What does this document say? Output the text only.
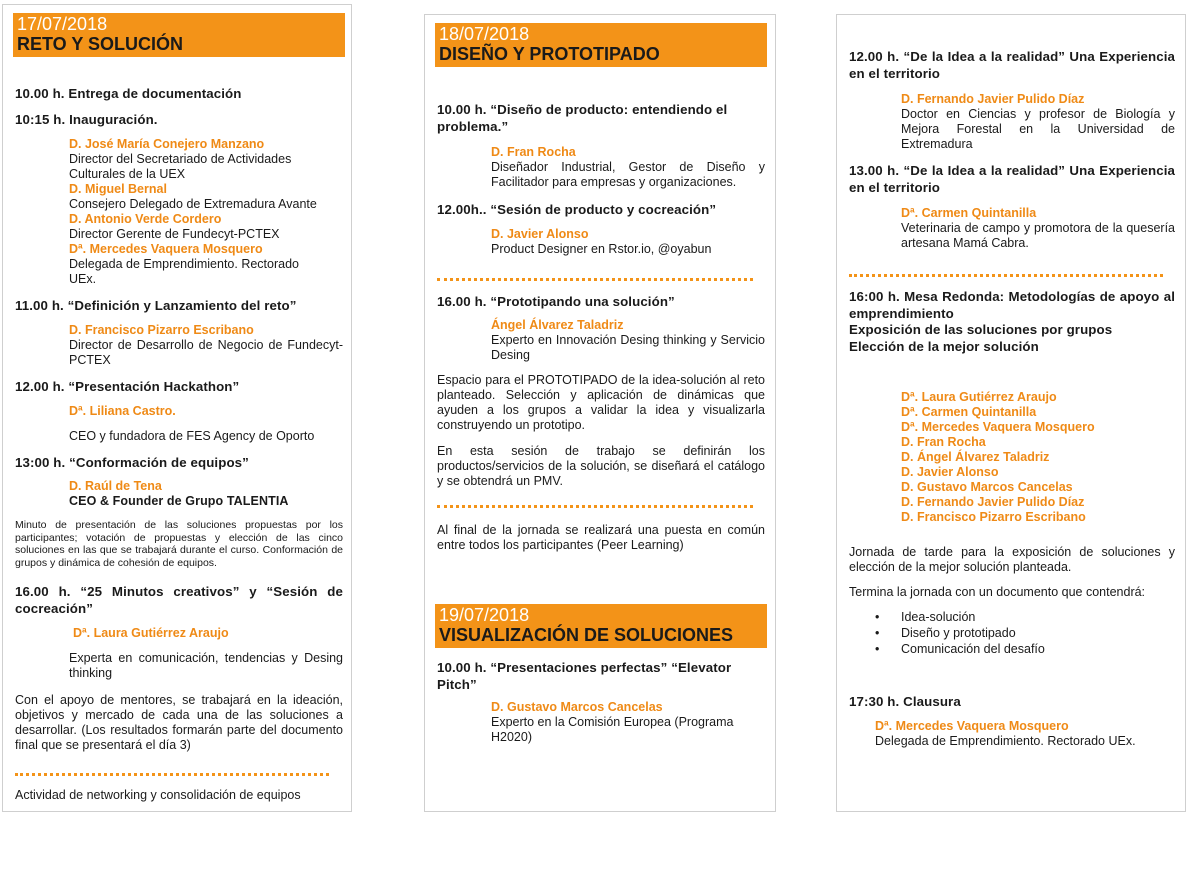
17/07/2018
RETO Y SOLUCIÓN
10.00 h. Entrega de documentación
10:15 h. Inauguración.
D. José María Conejero Manzano
Director del Secretariado de Actividades Culturales de la UEX
D. Miguel Bernal
Consejero Delegado de Extremadura Avante
D. Antonio Verde Cordero
Director Gerente de Fundecyt-PCTEX
Dª. Mercedes Vaquera Mosquero
Delegada de Emprendimiento. Rectorado UEx.
11.00 h. “Definición y Lanzamiento del reto”
D. Francisco Pizarro Escribano
Director de Desarrollo de Negocio de Fundecyt-PCTEX
12.00 h. “Presentación Hackathon”
Dª. Liliana Castro.
CEO y fundadora de FES Agency de Oporto
13:00 h. “Conformación de equipos”
D. Raúl de Tena
CEO & Founder de Grupo TALENTIA
Minuto de presentación de las soluciones propuestas por los participantes; votación de propuestas y elección de las cinco soluciones en las que se trabajará durante el curso. Conformación de grupos y dinámica de cohesión de equipos.
16.00 h. “25 Minutos creativos” y “Sesión de cocreación”
Dª. Laura Gutiérrez Araujo
Experta en comunicación, tendencias y Desing thinking
Con el apoyo de mentores, se trabajará en la ideación, objetivos y mercado de cada una de las soluciones a desarrollar. (Los resultados formarán parte del documento final que se presentará el día 3)
Actividad de networking y consolidación de equipos
18/07/2018
DISEÑO Y PROTOTIPADO
10.00 h. “Diseño de producto: entendiendo el problema.”
D. Fran Rocha
Diseñador Industrial, Gestor de Diseño y Facilitador para empresas y organizaciones.
12.00h.. “Sesión de producto y cocreación”
D. Javier Alonso
Product Designer en Rstor.io, @oyabun
16.00 h. “Prototipando una solución”
Ángel Álvarez Taladriz
Experto en Innovación Desing thinking y Servicio Desing
Espacio para el PROTOTIPADO de la idea-solución al reto planteado. Selección y aplicación de dinámicas que ayuden a los grupos a validar la idea y visualizarla construyendo un prototipo.
En esta sesión de trabajo se definirán los productos/servicios de la solución, se diseñará el catálogo y se obtendrá un PMV.
Al final de la jornada se realizará una puesta en común entre todos los participantes (Peer Learning)
19/07/2018
VISUALIZACIÓN DE SOLUCIONES
10.00 h. “Presentaciones perfectas” “Elevator Pitch”
D. Gustavo Marcos Cancelas
Experto en la Comisión Europea (Programa H2020)
12.00 h. “De la Idea a la realidad” Una Experiencia en el territorio
D. Fernando Javier Pulido Díaz
Doctor en Ciencias y profesor de Biología y Mejora Forestal en la Universidad de Extremadura
13.00 h. “De la Idea a la realidad” Una Experiencia en el territorio
Dª. Carmen Quintanilla
Veterinaria de campo y promotora de la quesería artesana Mamá Cabra.
16:00 h. Mesa Redonda: Metodologías de apoyo al emprendimiento
Exposición de las soluciones por grupos
Elección de la mejor solución
Dª. Laura Gutiérrez Araujo
Dª. Carmen Quintanilla
Dª. Mercedes Vaquera Mosquero
D. Fran Rocha
D. Ángel Álvarez Taladriz
D. Javier Alonso
D. Gustavo Marcos Cancelas
D. Fernando Javier Pulido Díaz
D. Francisco Pizarro Escribano
Jornada de tarde para la exposición de soluciones y elección de la mejor solución planteada.
Termina la jornada con un documento que contendrá:
• Idea-solución
• Diseño y prototipado
• Comunicación del desafío
17:30 h. Clausura
Dª. Mercedes Vaquera Mosquero
Delegada de Emprendimiento. Rectorado UEx.
